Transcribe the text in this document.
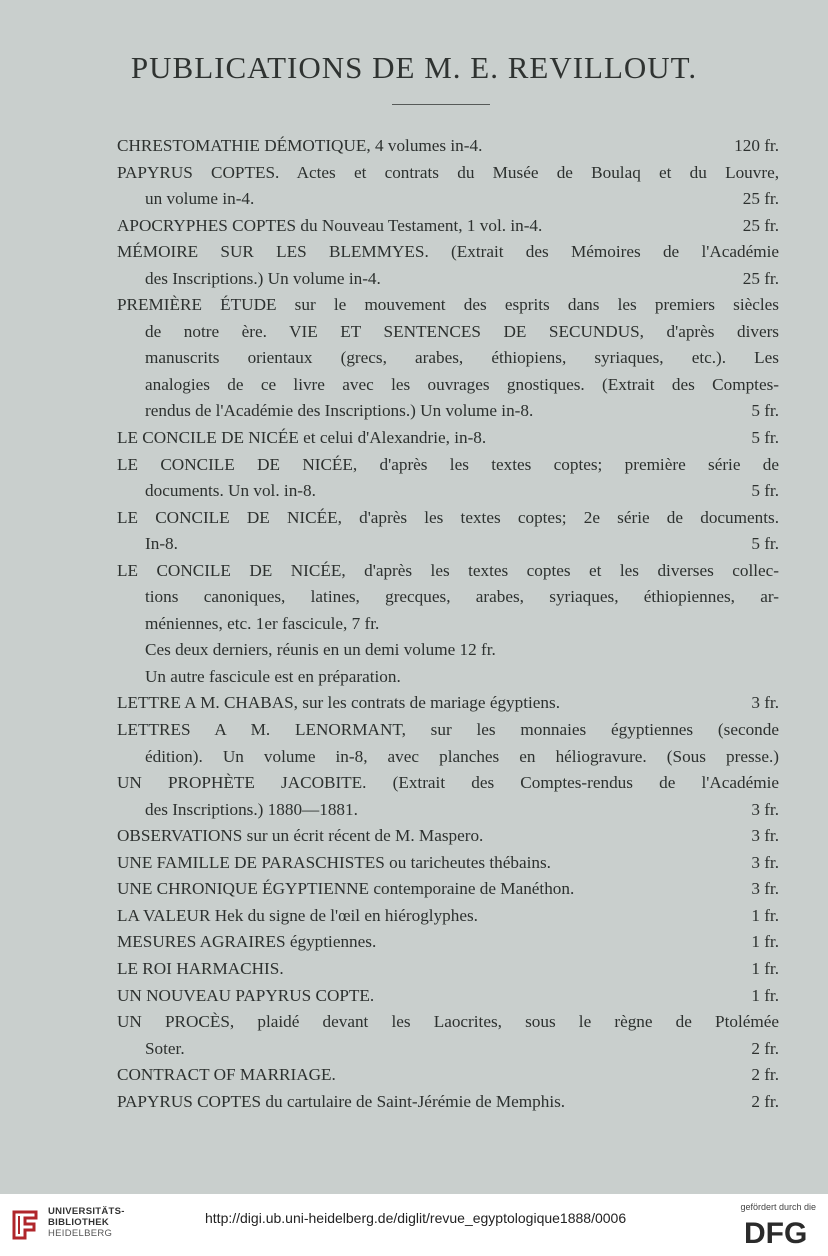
PUBLICATIONS DE M. E. REVILLOUT.
CHRESTOMATHIE DÉMOTIQUE, 4 volumes in-4.	120 fr.
PAPYRUS COPTES. Actes et contrats du Musée de Boulaq et du Louvre,
un volume in-4.	25 fr.
APOCRYPHES COPTES du Nouveau Testament, 1 vol. in-4.	25 fr.
MÉMOIRE SUR LES BLEMMYES. (Extrait des Mémoires de l'Académie
des Inscriptions.) Un volume in-4.	25 fr.
PREMIÈRE ÉTUDE sur le mouvement des esprits dans les premiers siècles
de notre ère. VIE ET SENTENCES DE SECUNDUS, d'après divers
manuscrits orientaux (grecs, arabes, éthiopiens, syriaques, etc.). Les
analogies de ce livre avec les ouvrages gnostiques. (Extrait des Comptes-
rendus de l'Académie des Inscriptions.) Un volume in-8.	5 fr.
LE CONCILE DE NICÉE et celui d'Alexandrie, in-8.	5 fr.
LE CONCILE DE NICÉE, d'après les textes coptes; première série de
documents. Un vol. in-8.	5 fr.
LE CONCILE DE NICÉE, d'après les textes coptes; 2e série de documents.
In-8.	5 fr.
LE CONCILE DE NICÉE, d'après les textes coptes et les diverses collec-
tions canoniques, latines, grecques, arabes, syriaques, éthiopiennes, ar-
méniennes, etc. 1er fascicule, 7 fr.
Ces deux derniers, réunis en un demi volume 12 fr.
Un autre fascicule est en préparation.
LETTRE A M. CHABAS, sur les contrats de mariage égyptiens.	3 fr.
LETTRES A M. LENORMANT, sur les monnaies égyptiennes (seconde
édition). Un volume in-8, avec planches en héliogravure. (Sous presse.)
UN PROPHÈTE JACOBITE. (Extrait des Comptes-rendus de l'Académie
des Inscriptions.) 1880—1881.	3 fr.
OBSERVATIONS sur un écrit récent de M. Maspero.	3 fr.
UNE FAMILLE DE PARASCHISTES ou taricheutes thébains.	3 fr.
UNE CHRONIQUE ÉGYPTIENNE contemporaine de Manéthon.	3 fr.
LA VALEUR Hek du signe de l'œil en hiéroglyphes.	1 fr.
MESURES AGRAIRES égyptiennes.	1 fr.
LE ROI HARMACHIS.	1 fr.
UN NOUVEAU PAPYRUS COPTE.	1 fr.
UN PROCÈS, plaidé devant les Laocrites, sous le règne de Ptolémée
Soter.	2 fr.
CONTRACT OF MARRIAGE.	2 fr.
PAPYRUS COPTES du cartulaire de Saint-Jérémie de Memphis.	2 fr.
UNIVERSITÄTS-
BIBLIOTHEK
HEIDELBERG
http://digi.ub.uni-heidelberg.de/diglit/revue_egyptologique1888/0006
gefördert durch die
DFG
